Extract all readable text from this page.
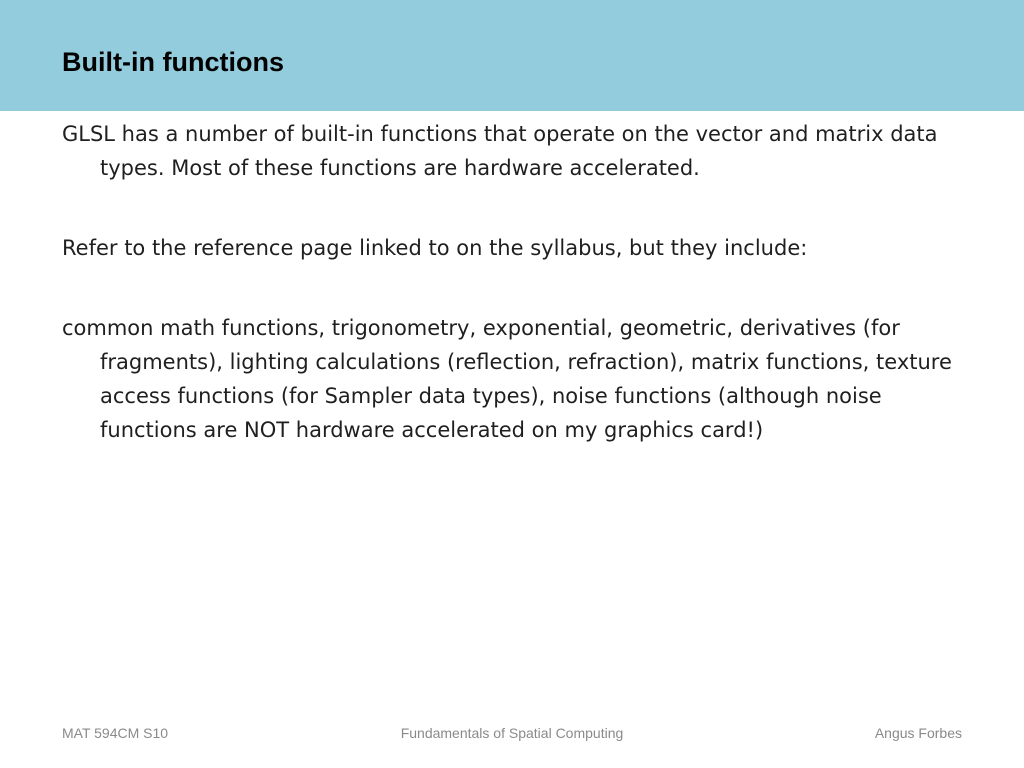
Built-in functions

GLSL has a number of built-in functions that operate on the vector and matrix data types. Most of these functions are hardware accelerated.

Refer to the reference page linked to on the syllabus, but they include:

common math functions, trigonometry, exponential, geometric, derivatives (for fragments), lighting calculations (reflection, refraction), matrix functions, texture access functions (for Sampler data types), noise functions (although noise functions are NOT hardware accelerated on my graphics card!)

MAT 594CM S10	Fundamentals of Spatial Computing	Angus Forbes
